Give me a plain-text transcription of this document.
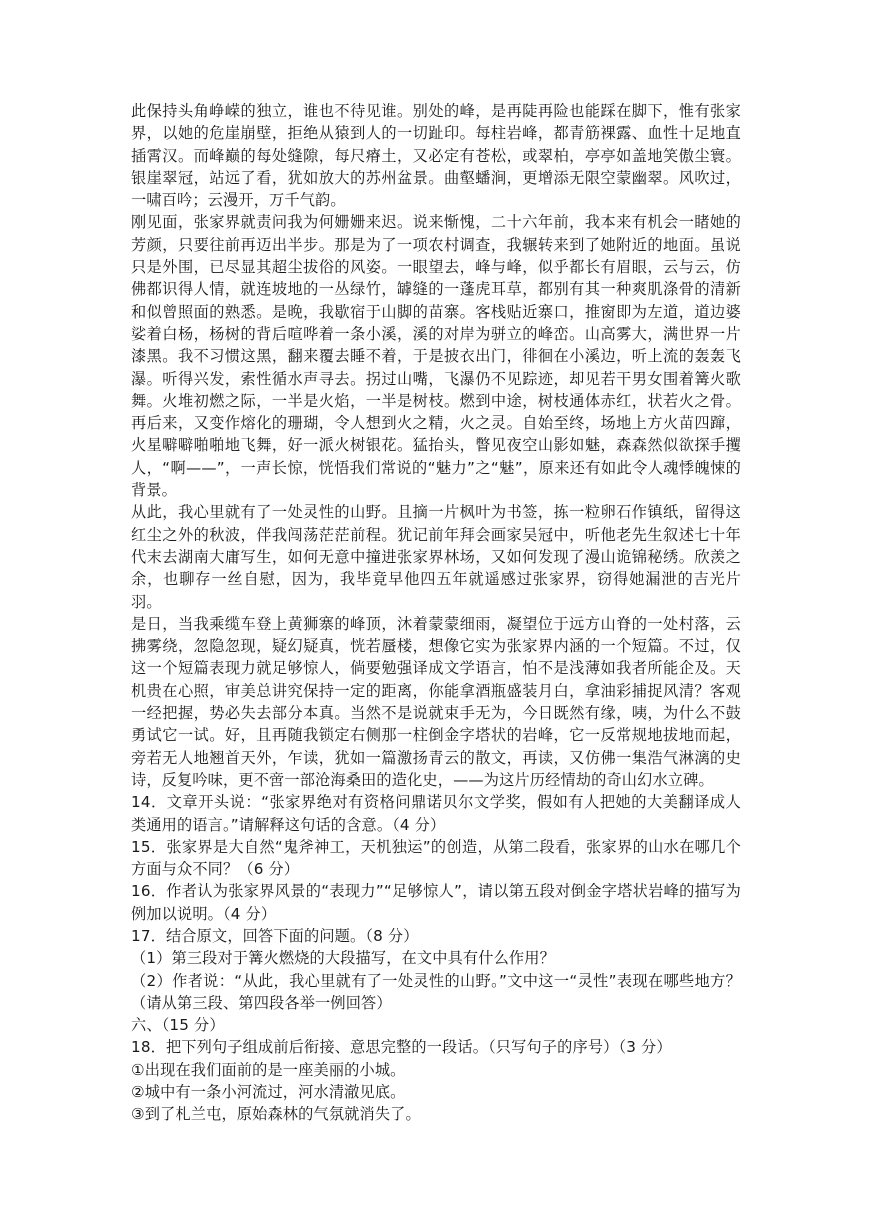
此保持头角峥嵘的独立，谁也不待见谁。别处的峰，是再陡再险也能踩在脚下，惟有张家界，以她的危崖崩壁，拒绝从猿到人的一切趾印。每柱岩峰，都青筋裸露、血性十足地直插霄汉。而峰巅的每处缝隙，每尺瘠土，又必定有苍松，或翠柏，亭亭如盖地笑傲尘寰。银崖翠冠，站远了看，犹如放大的苏州盆景。曲壑蟠涧，更增添无限空蒙幽翠。风吹过，一啸百吟；云漫开，万千气韵。

刚见面，张家界就责问我为何姗姗来迟。说来惭愧，二十六年前，我本来有机会一睹她的芳颜，只要往前再迈出半步。那是为了一项农村调查，我辗转来到了她附近的地面。虽说只是外围，已尽显其超尘拔俗的风姿。一眼望去，峰与峰，似乎都长有眉眼，云与云，仿佛都识得人情，就连坡地的一丛绿竹，罅缝的一蓬虎耳草，都别有其一种爽肌涤骨的清新和似曾照面的熟悉。是晚，我歇宿于山脚的苗寨。客栈贴近寨口，推窗即为左道，道边婆娑着白杨，杨树的背后喧哗着一条小溪，溪的对岸为骈立的峰峦。山高雾大，满世界一片漆黑。我不习惯这黑，翻来覆去睡不着，于是披衣出门，徘徊在小溪边，听上流的轰轰飞瀑。听得兴发，索性循水声寻去。拐过山嘴，飞瀑仍不见踪迹，却见若干男女围着篝火歌舞。火堆初燃之际，一半是火焰，一半是树枝。燃到中途，树枝通体赤红，状若火之骨。再后来，又变作熔化的珊瑚，令人想到火之精，火之灵。自始至终，场地上方火苗四蹿，火星噼噼啪啪地飞舞，好一派火树银花。猛抬头，瞥见夜空山影如魅，森森然似欲探手攫人，“啊——”，一声长惊，恍悟我们常说的“魅力”之“魅”，原来还有如此令人魂悸魄悚的背景。

从此，我心里就有了一处灵性的山野。且摘一片枫叶为书签，拣一粒卵石作镇纸，留得这红尘之外的秋波，伴我闯荡茫茫前程。犹记前年拜会画家吴冠中，听他老先生叙述七十年代末去湖南大庸写生，如何无意中撞进张家界林场，又如何发现了漫山诡锦秘绣。欣羡之余，也聊存一丝自慰，因为，我毕竟早他四五年就遥感过张家界，窃得她漏泄的吉光片羽。

是日，当我乘缆车登上黄狮寨的峰顶，沐着蒙蒙细雨，凝望位于远方山脊的一处村落，云拂雾绕，忽隐忽现，疑幻疑真，恍若蜃楼，想像它实为张家界内涵的一个短篇。不过，仅这一个短篇表现力就足够惊人，倘要勉强译成文学语言，怕不是浅薄如我者所能企及。天机贵在心照，审美总讲究保持一定的距离，你能拿酒瓶盛装月白，拿油彩捕捉风清？客观一经把握，势必失去部分本真。当然不是说就束手无为，今日既然有缘，咦，为什么不鼓勇试它一试。好，且再随我锁定右侧那一柱倒金字塔状的岩峰，它一反常规地拔地而起，旁若无人地翘首天外，乍读，犹如一篇激扬青云的散文，再读，又仿佛一集浩气淋漓的史诗，反复吟味，更不啻一部沧海桑田的造化史，——为这片历经情劫的奇山幻水立碑。

14．文章开头说：“张家界绝对有资格问鼎诺贝尔文学奖，假如有人把她的大美翻译成人类通用的语言。”请解释这句话的含意。（4 分）

15．张家界是大自然“鬼斧神工，天机独运”的创造，从第二段看，张家界的山水在哪几个方面与众不同？（6 分）

16．作者认为张家界风景的“表现力”“足够惊人”，请以第五段对倒金字塔状岩峰的描写为例加以说明。（4 分）

17．结合原文，回答下面的问题。（8 分）

（1）第三段对于篝火燃烧的大段描写，在文中具有什么作用？

（2）作者说：“从此，我心里就有了一处灵性的山野。”文中这一“灵性”表现在哪些地方？（请从第三段、第四段各举一例回答）

六、（15 分）

18．把下列句子组成前后衔接、意思完整的一段话。（只写句子的序号）（3 分）

①出现在我们面前的是一座美丽的小城。

②城中有一条小河流过，河水清澈见底。

③到了札兰屯，原始森林的气氛就消失了。
